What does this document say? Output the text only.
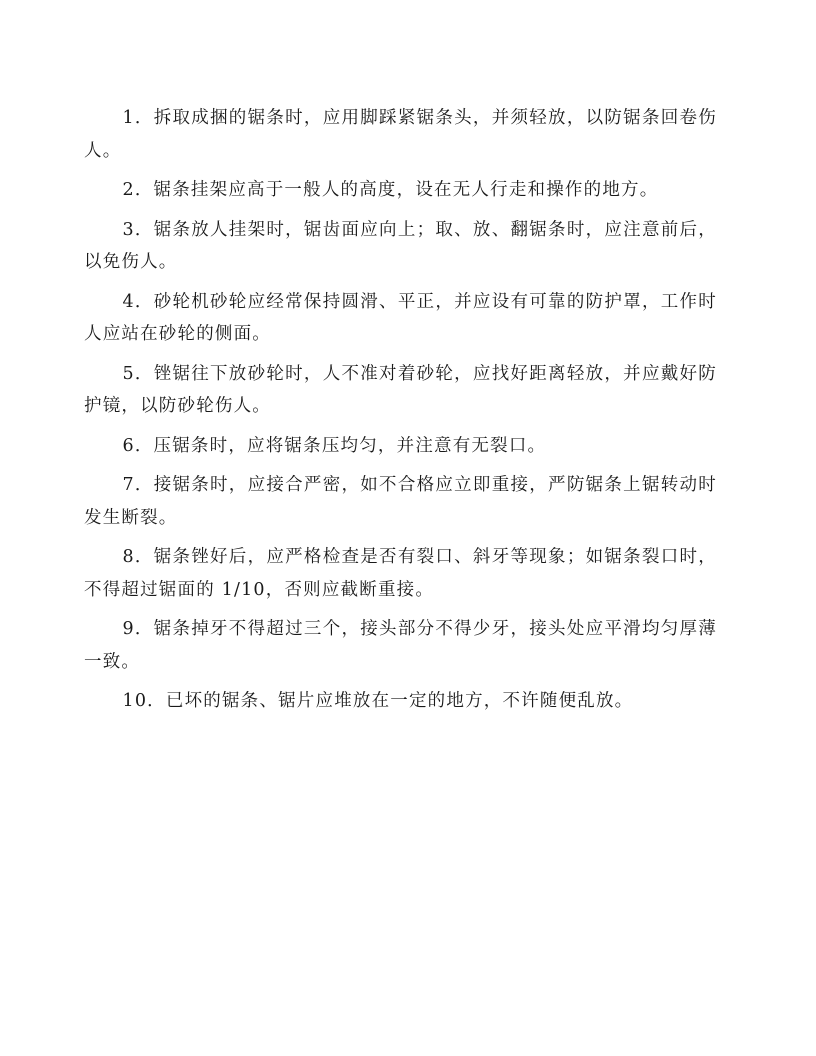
1．拆取成捆的锯条时，应用脚踩紧锯条头，并须轻放，以防锯条回卷伤人。

2．锯条挂架应高于一般人的高度，设在无人行走和操作的地方。

3．锯条放人挂架时，锯齿面应向上；取、放、翻锯条时，应注意前后，以免伤人。

4．砂轮机砂轮应经常保持圆滑、平正，并应设有可靠的防护罩，工作时人应站在砂轮的侧面。

5．锉锯往下放砂轮时，人不准对着砂轮，应找好距离轻放，并应戴好防护镜，以防砂轮伤人。

6．压锯条时，应将锯条压均匀，并注意有无裂口。

7．接锯条时，应接合严密，如不合格应立即重接，严防锯条上锯转动时发生断裂。

8．锯条锉好后，应严格检查是否有裂口、斜牙等现象；如锯条裂口时，不得超过锯面的 1/10，否则应截断重接。

9．锯条掉牙不得超过三个，接头部分不得少牙，接头处应平滑均匀厚薄一致。

10．已坏的锯条、锯片应堆放在一定的地方，不许随便乱放。
